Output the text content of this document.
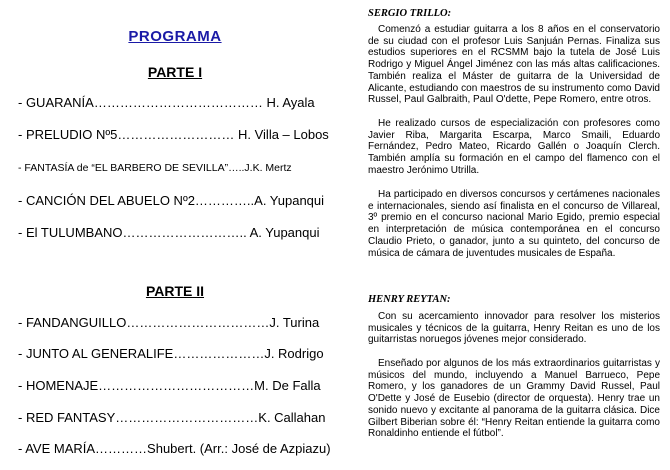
PROGRAMA
PARTE I
- GUARANÍA………………………………… H. Ayala
- PRELUDIO Nº5……………………… H. Villa – Lobos
- FANTASÍA de “EL BARBERO DE SEVILLA”…..J.K. Mertz
- CANCIÓN DEL ABUELO Nº2…………..A. Yupanqui
- El TULUMBANO……………………….. A. Yupanqui
PARTE II
- FANDANGUILLO……………………………J. Turina
- JUNTO AL GENERALIFE…………………J. Rodrigo
- HOMENAJE………………………………M. De Falla
- RED FANTASY……………………………K. Callahan
- AVE MARÍA…………Shubert. (Arr.: José de Azpiazu)
SERGIO TRILLO:

Comenzó a estudiar guitarra a los 8 años en el conservatorio de su ciudad con el profesor Luis Sanjuán Pernas. Finaliza sus estudios superiores en el RCSMM bajo la tutela de José Luis Rodrigo y Miguel Ángel Jiménez con las más altas calificaciones. También realiza el Máster de guitarra de la Universidad de Alicante, estudiando con maestros de su instrumento como David Russel, Paul Galbraith, Paul O'dette, Pepe Romero, entre otros.

He realizado cursos de especialización con profesores como Javier Riba, Margarita Escarpa, Marco Smaili, Eduardo Fernández, Pedro Mateo, Ricardo Gallén o Joaquín Clerch. También amplía su formación en el campo del flamenco con el maestro Jerónimo Utrilla.

Ha participado en diversos concursos y certámenes nacionales e internacionales, siendo así finalista en el concurso de Villareal, 3º premio en el concurso nacional Mario Egido, premio especial en interpretación de música contemporánea en el concurso Claudio Prieto, o ganador, junto a su quinteto, del concurso de música de cámara de juventudes musicales de España.

HENRY REYTAN:

Con su acercamiento innovador para resolver los misterios musicales y técnicos de la guitarra, Henry Reitan es uno de los guitarristas noruegos jóvenes mejor considerado.

Enseñado por algunos de los más extraordinarios guitarristas y músicos del mundo, incluyendo a Manuel Barrueco, Pepe Romero, y los ganadores de un Grammy David Russel, Paul O'Dette y José de Eusebio (director de orquesta). Henry trae un sonido nuevo y excitante al panorama de la guitarra clásica. Dice Gilbert Biberian sobre él: “Henry Reitan entiende la guitarra como Ronaldinho entiende el fútbol”.
